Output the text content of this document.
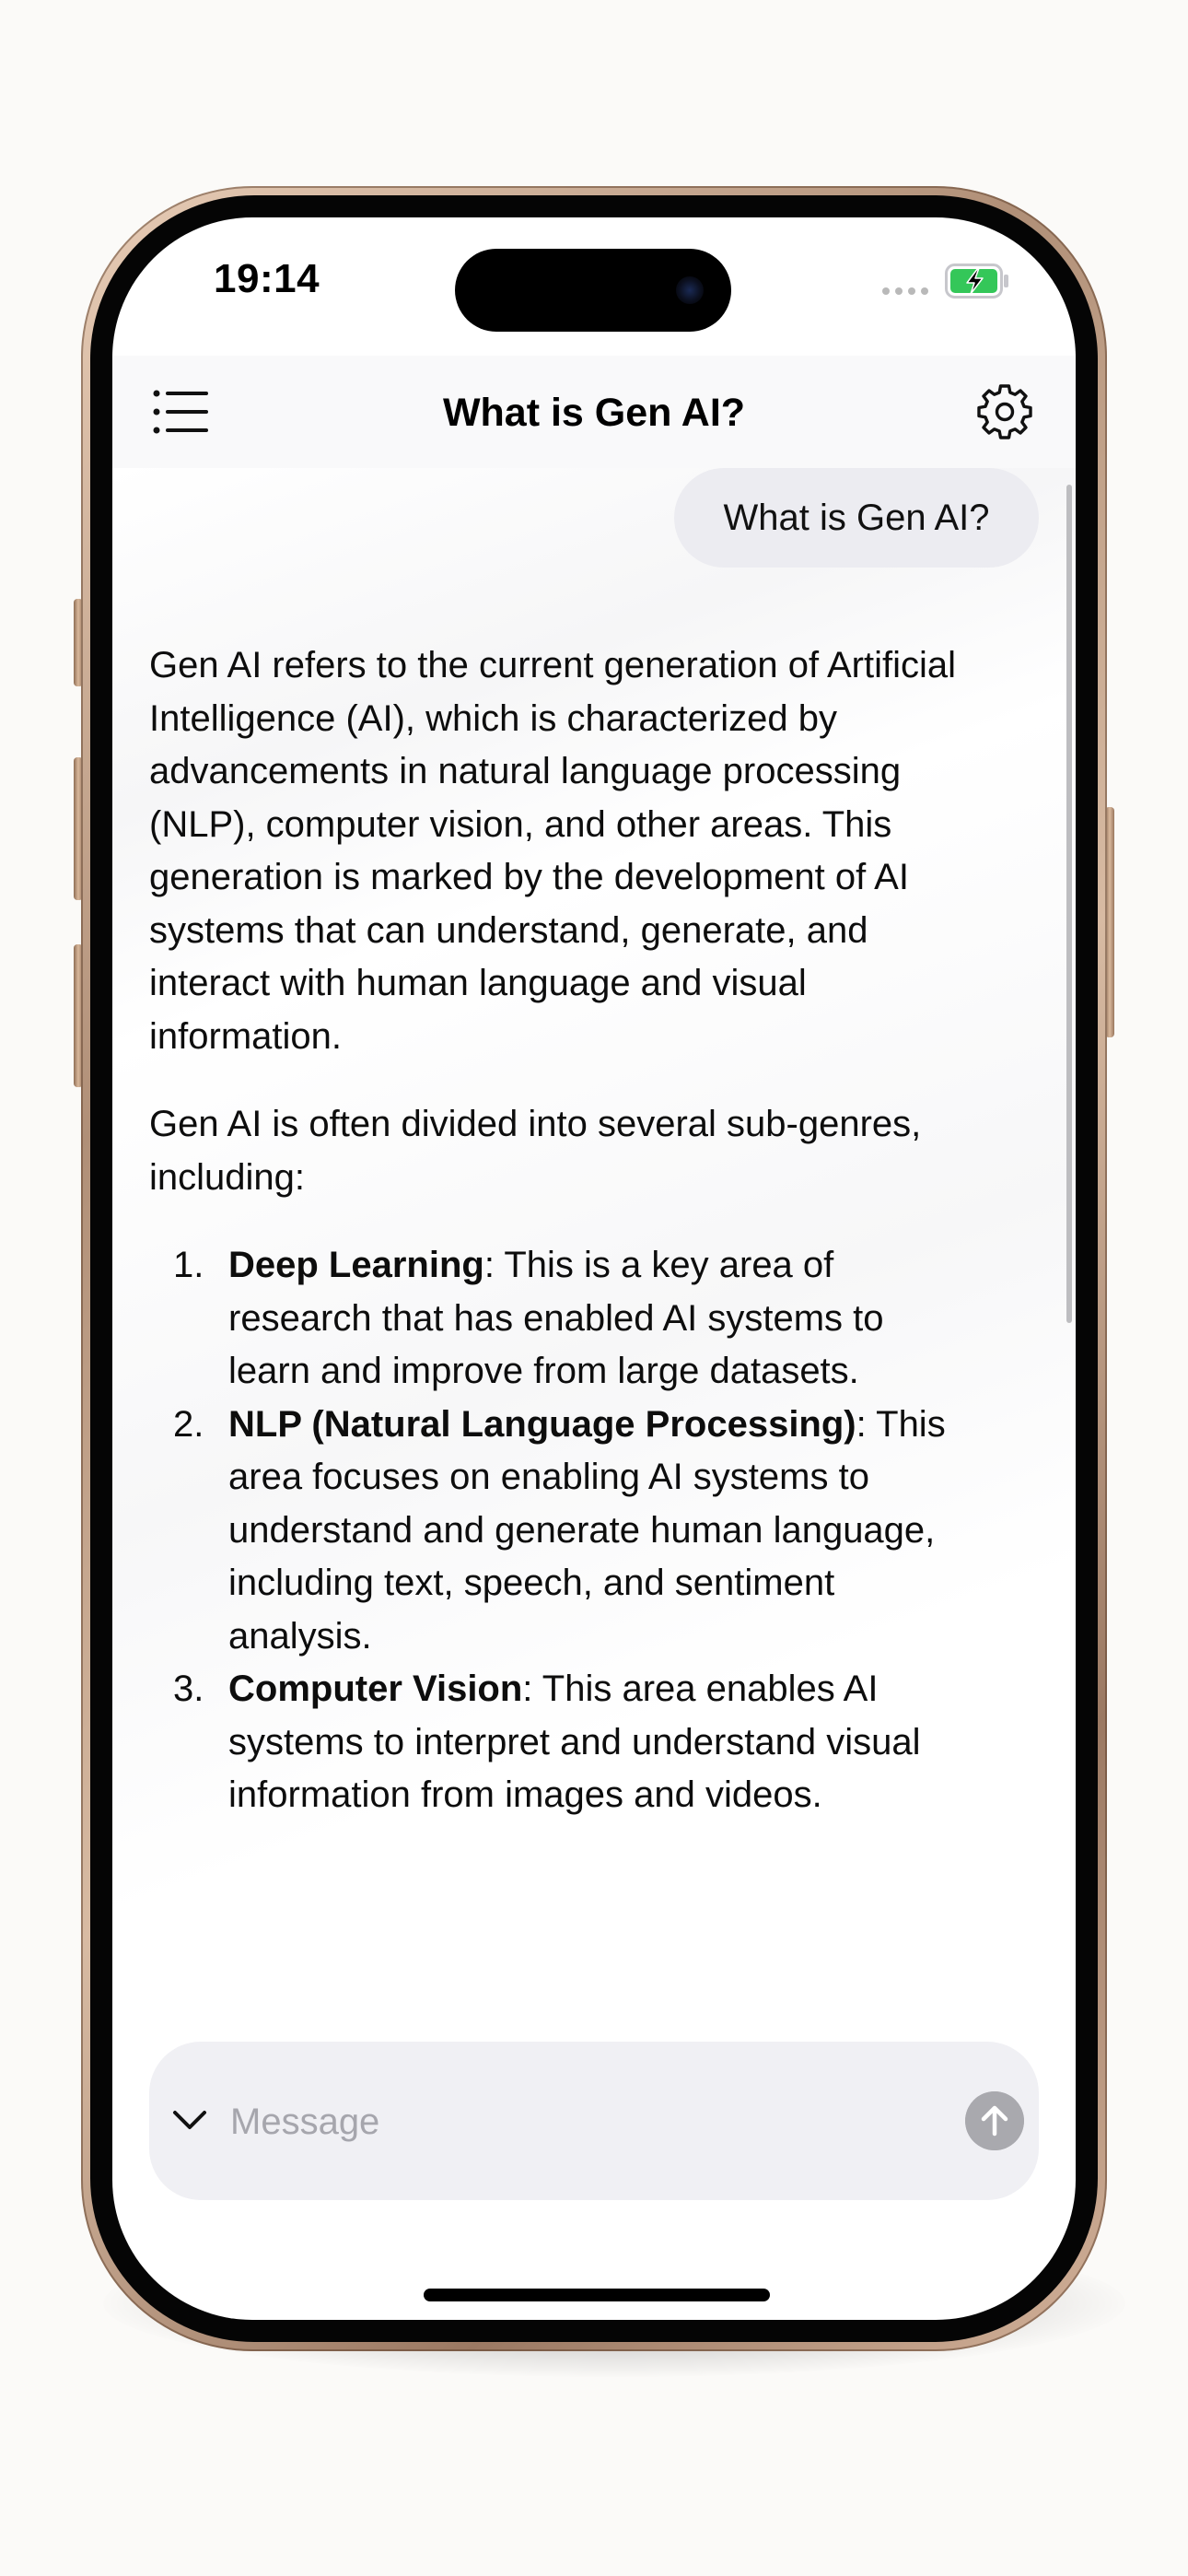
19:14
What is Gen AI?
What is Gen AI?

Gen AI refers to the current generation of Artificial Intelligence (AI), which is characterized by advancements in natural language processing (NLP), computer vision, and other areas. This generation is marked by the development of AI systems that can understand, generate, and interact with human language and visual information.

Gen AI is often divided into several sub-genres, including:

1. Deep Learning: This is a key area of research that has enabled AI systems to learn and improve from large datasets.
2. NLP (Natural Language Processing): This area focuses on enabling AI systems to understand and generate human language, including text, speech, and sentiment analysis.
3. Computer Vision: This area enables AI systems to interpret and understand visual information from images and videos.
Message
